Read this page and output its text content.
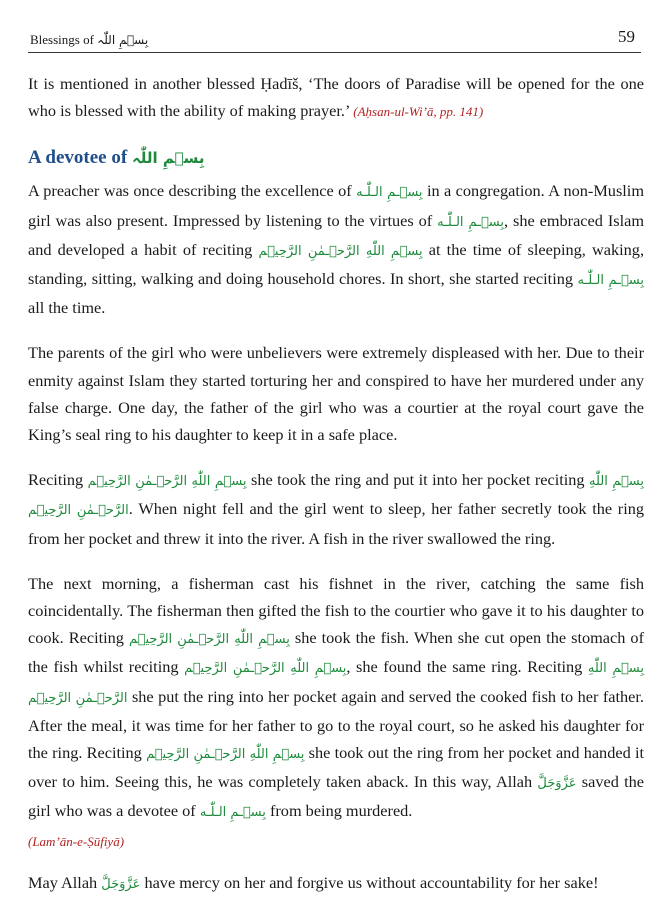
Blessings of بِسۡمِ اللّٰہ	59

It is mentioned in another blessed Ḥadīš, ‘The doors of Paradise will be opened for the one who is blessed with the ability of making prayer.’ (Aḥsan-ul-Wi’ā, pp. 141)

A devotee of بِسۡمِ اللّٰہ

A preacher was once describing the excellence of بِسۡـمِ الـلّٰـه in a congregation. A non-Muslim girl was also present. Impressed by listening to the virtues of بِسۡـمِ الـلّٰـه, she embraced Islam and developed a habit of reciting بِسۡمِ اللّٰهِ الرَّحۡـمٰنِ الرَّحِيۡم at the time of sleeping, waking, standing, sitting, walking and doing household chores. In short, she started reciting بِسۡـمِ الـلّٰـه all the time.

The parents of the girl who were unbelievers were extremely displeased with her. Due to their enmity against Islam they started torturing her and conspired to have her murdered under any false charge. One day, the father of the girl who was a courtier at the royal court gave the King’s seal ring to his daughter to keep it in a safe place.

Reciting بِسۡمِ اللّٰهِ الرَّحۡـمٰنِ الرَّحِيۡم she took the ring and put it into her pocket reciting بِسۡمِ اللّٰهِ الرَّحۡـمٰنِ الرَّحِيۡم. When night fell and the girl went to sleep, her father secretly took the ring from her pocket and threw it into the river. A fish in the river swallowed the ring.

The next morning, a fisherman cast his fishnet in the river, catching the same fish coincidentally. The fisherman then gifted the fish to the courtier who gave it to his daughter to cook. Reciting بِسۡمِ اللّٰهِ الرَّحۡـمٰنِ الرَّحِيۡم she took the fish. When she cut open the stomach of the fish whilst reciting بِسۡمِ اللّٰهِ الرَّحۡـمٰنِ الرَّحِيۡم, she found the same ring. Reciting بِسۡمِ اللّٰهِ الرَّحۡـمٰنِ الرَّحِيۡم she put the ring into her pocket again and served the cooked fish to her father. After the meal, it was time for her father to go to the royal court, so he asked his daughter for the ring. Reciting بِسۡمِ اللّٰهِ الرَّحۡـمٰنِ الرَّحِيۡم she took out the ring from her pocket and handed it over to him. Seeing this, he was completely taken aback. In this way, Allah عَزَّوَجَلَّ saved the girl who was a devotee of بِسۡـمِ الـلّٰـه from being murdered.
(Lam’ān-e-Ṣūfiyā)

May Allah عَزَّوَجَلَّ have mercy on her and forgive us without accountability for her sake!
